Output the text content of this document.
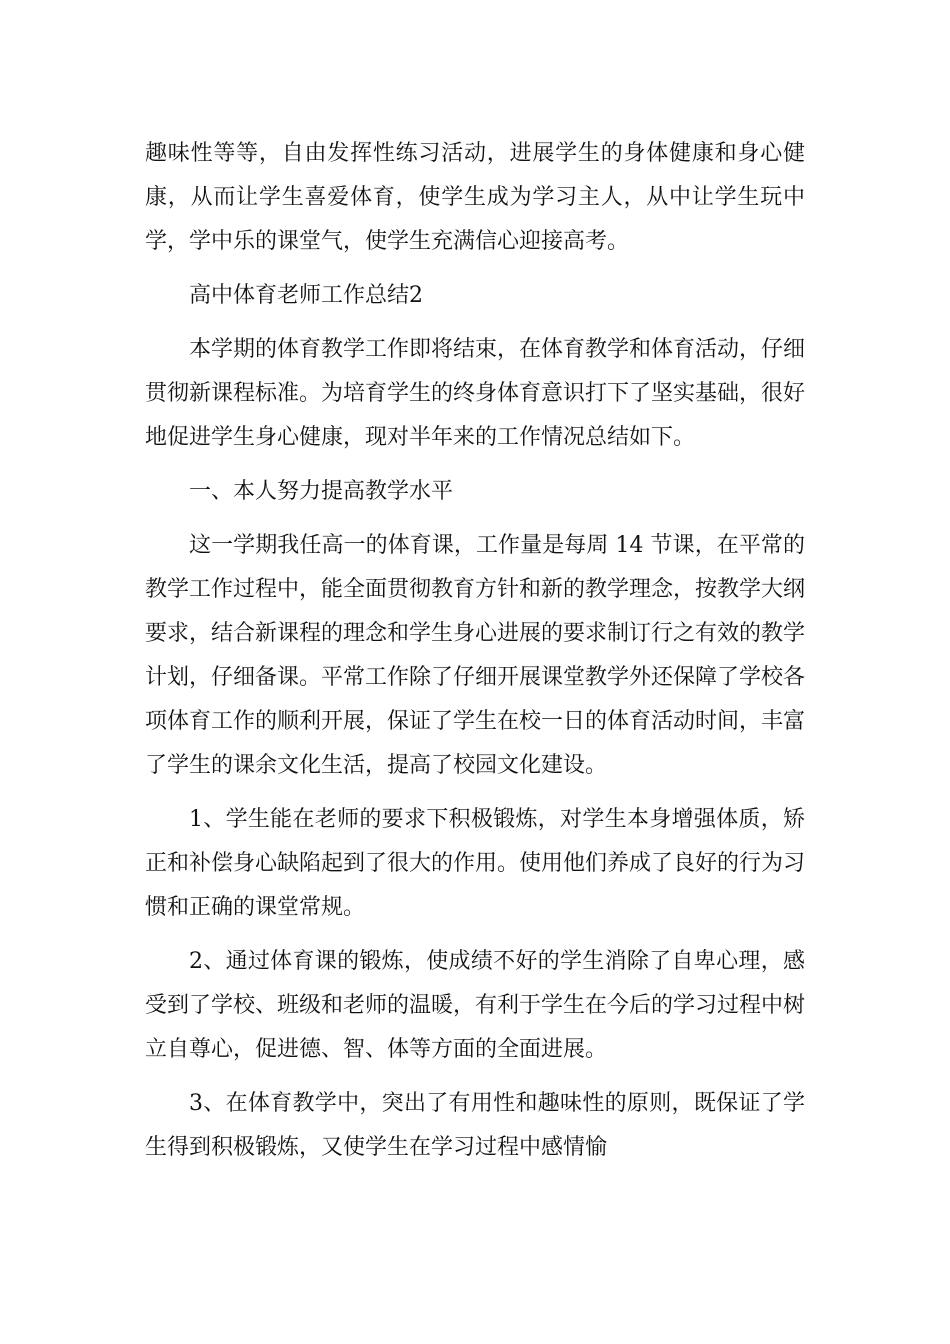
趣味性等等，自由发挥性练习活动，进展学生的身体健康和身心健康，从而让学生喜爱体育，使学生成为学习主人，从中让学生玩中学，学中乐的课堂气，使学生充满信心迎接高考。

高中体育老师工作总结2

本学期的体育教学工作即将结束，在体育教学和体育活动，仔细贯彻新课程标准。为培育学生的终身体育意识打下了坚实基础，很好地促进学生身心健康，现对半年来的工作情况总结如下。

一、本人努力提高教学水平

这一学期我任高一的体育课，工作量是每周 14 节课，在平常的教学工作过程中，能全面贯彻教育方针和新的教学理念，按教学大纲要求，结合新课程的理念和学生身心进展的要求制订行之有效的教学计划，仔细备课。平常工作除了仔细开展课堂教学外还保障了学校各项体育工作的顺利开展，保证了学生在校一日的体育活动时间，丰富了学生的课余文化生活，提高了校园文化建设。

1、学生能在老师的要求下积极锻炼，对学生本身增强体质，矫正和补偿身心缺陷起到了很大的作用。使用他们养成了良好的行为习惯和正确的课堂常规。

2、通过体育课的锻炼，使成绩不好的学生消除了自卑心理，感受到了学校、班级和老师的温暖，有利于学生在今后的学习过程中树立自尊心，促进德、智、体等方面的全面进展。

3、在体育教学中，突出了有用性和趣味性的原则，既保证了学生得到积极锻炼，又使学生在学习过程中感情愉
